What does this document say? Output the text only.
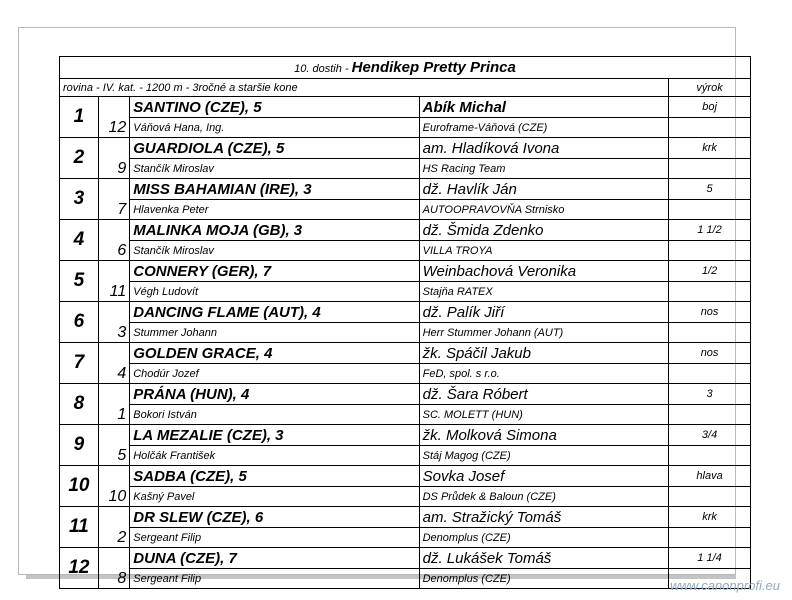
10. dostih - Hendikep Pretty Princa				
rovina - IV. kat. - 1200 m - 3ročné a staršie kone				výrok
1	12	SANTINO (CZE), 5	Abík Michal	boj
		Váňová Hana, Ing.	Euroframe-Váňová (CZE)	
2	9	GUARDIOLA (CZE), 5	am. Hladíková Ivona	krk
		Stančík Miroslav	HS Racing Team	
3	7	MISS BAHAMIAN (IRE), 3	dž. Havlík Ján	5
		Hlavenka Peter	AUTOOPRAVOVŇA Strnisko	
4	6	MALINKA MOJA (GB), 3	dž. Šmida Zdenko	1 1/2
		Stančík Miroslav	VILLA TROYA	
5	11	CONNERY (GER), 7	Weinbachová Veronika	1/2
		Végh Ludovít	Stajňa RATEX	
6	3	DANCING FLAME (AUT), 4	dž. Palík Jiří	nos
		Stummer Johann	Herr Stummer Johann (AUT)	
7	4	GOLDEN GRACE, 4	žk. Spáčil Jakub	nos
		Chodúr Jozef	FeD, spol. s r.o.	
8	1	PRÁNA (HUN), 4	dž. Šara Róbert	3
		Bokori István	SC. MOLETT (HUN)	
9	5	LA MEZALIE (CZE), 3	žk. Molková Simona	3/4
		Holčák František	Stáj Magog (CZE)	
10	10	SADBA (CZE), 5	Sovka Josef	hlava
		Kašný Pavel	DS Průdek & Baloun (CZE)	
11	2	DR SLEW (CZE), 6	am. Stražický Tomáš	krk
		Sergeant Filip	Denomplus (CZE)	
12	8	DUNA (CZE), 7	dž. Lukášek Tomáš	1 1/4
		Sergeant Filip	Denomplus (CZE)		www.canonprofi.eu
